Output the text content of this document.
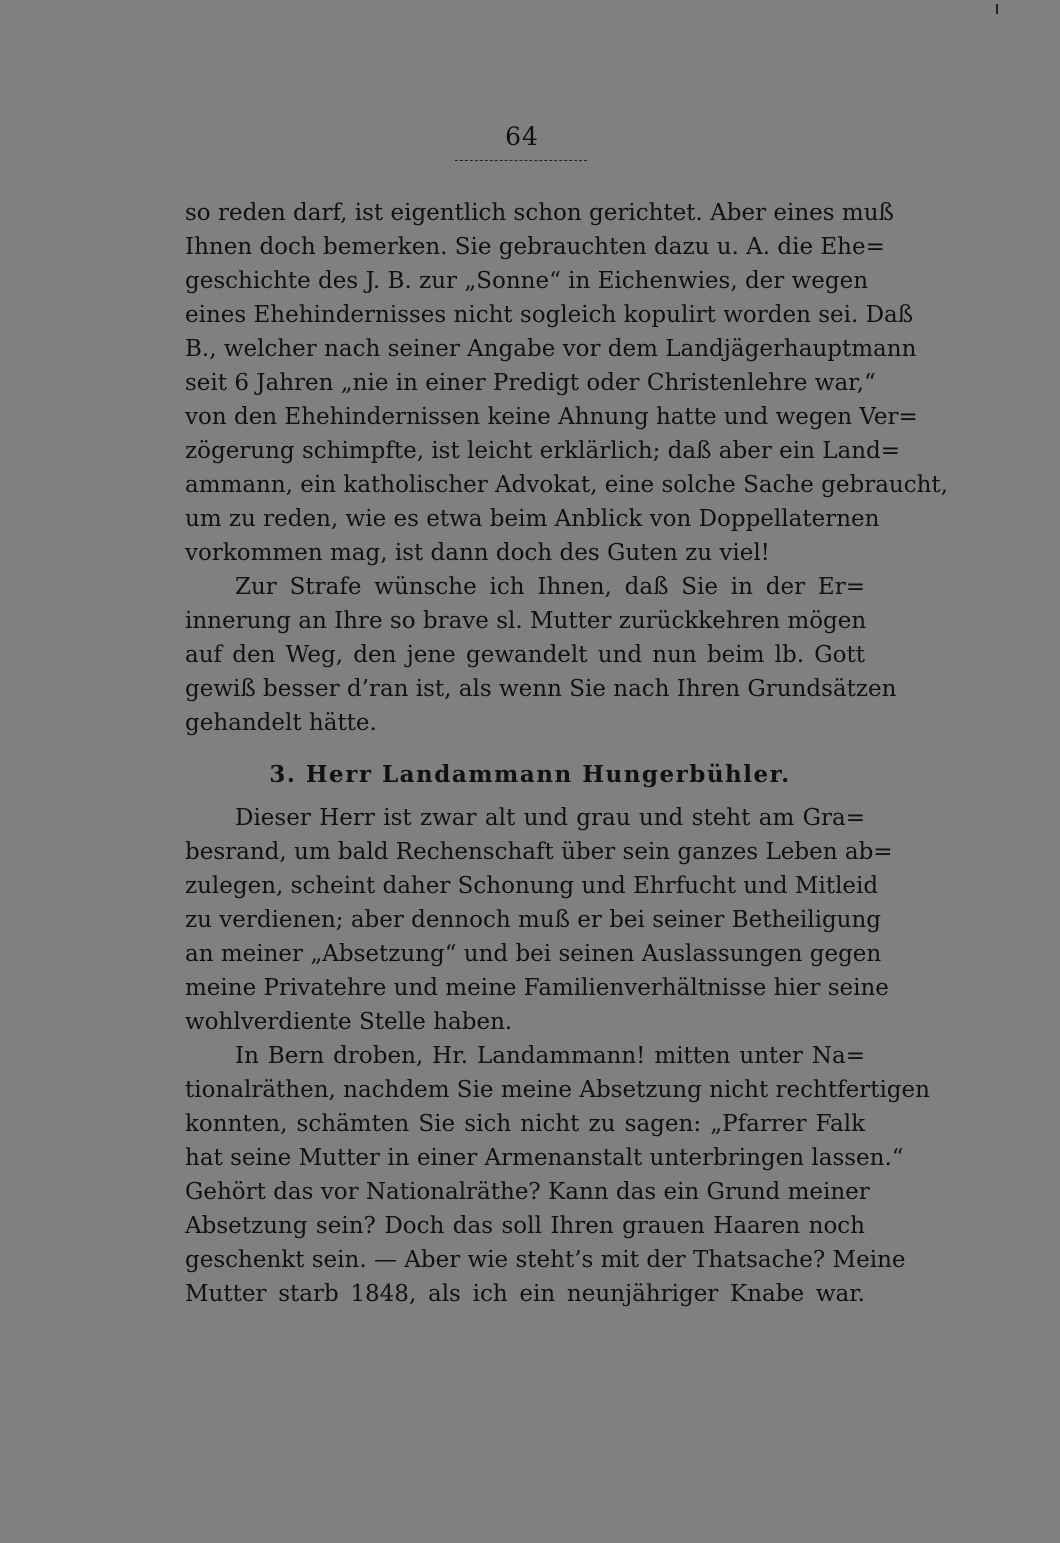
64
so reden darf, ist eigentlich schon gerichtet. Aber eines muß
Ihnen doch bemerken. Sie gebrauchten dazu u. A. die Ehe=
geschichte des J. B. zur „Sonne“ in Eichenwies, der wegen
eines Ehehindernisses nicht sogleich kopulirt worden sei. Daß
B., welcher nach seiner Angabe vor dem Landjägerhauptmann
seit 6 Jahren „nie in einer Predigt oder Christenlehre war,“
von den Ehehindernissen keine Ahnung hatte und wegen Ver=
zögerung schimpfte, ist leicht erklärlich; daß aber ein Land=
ammann, ein katholischer Advokat, eine solche Sache gebraucht,
um zu reden, wie es etwa beim Anblick von Doppellaternen
vorkommen mag, ist dann doch des Guten zu viel!
Zur Strafe wünsche ich Ihnen, daß Sie in der Er=
innerung an Ihre so brave sl. Mutter zurückkehren mögen
auf den Weg, den jene gewandelt und nun beim lb. Gott
gewiß besser d’ran ist, als wenn Sie nach Ihren Grundsätzen
gehandelt hätte.
3. Herr Landammann Hungerbühler.
Dieser Herr ist zwar alt und grau und steht am Gra=
besrand, um bald Rechenschaft über sein ganzes Leben ab=
zulegen, scheint daher Schonung und Ehrfucht und Mitleid
zu verdienen; aber dennoch muß er bei seiner Betheiligung
an meiner „Absetzung“ und bei seinen Auslassungen gegen
meine Privatehre und meine Familienverhältnisse hier seine
wohlverdiente Stelle haben.
In Bern droben, Hr. Landammann! mitten unter Na=
tionalräthen, nachdem Sie meine Absetzung nicht rechtfertigen
konnten, schämten Sie sich nicht zu sagen: „Pfarrer Falk
hat seine Mutter in einer Armenanstalt unterbringen lassen.“
Gehört das vor Nationalräthe? Kann das ein Grund meiner
Absetzung sein? Doch das soll Ihren grauen Haaren noch
geschenkt sein. — Aber wie steht’s mit der Thatsache? Meine
Mutter starb 1848, als ich ein neunjähriger Knabe war.
